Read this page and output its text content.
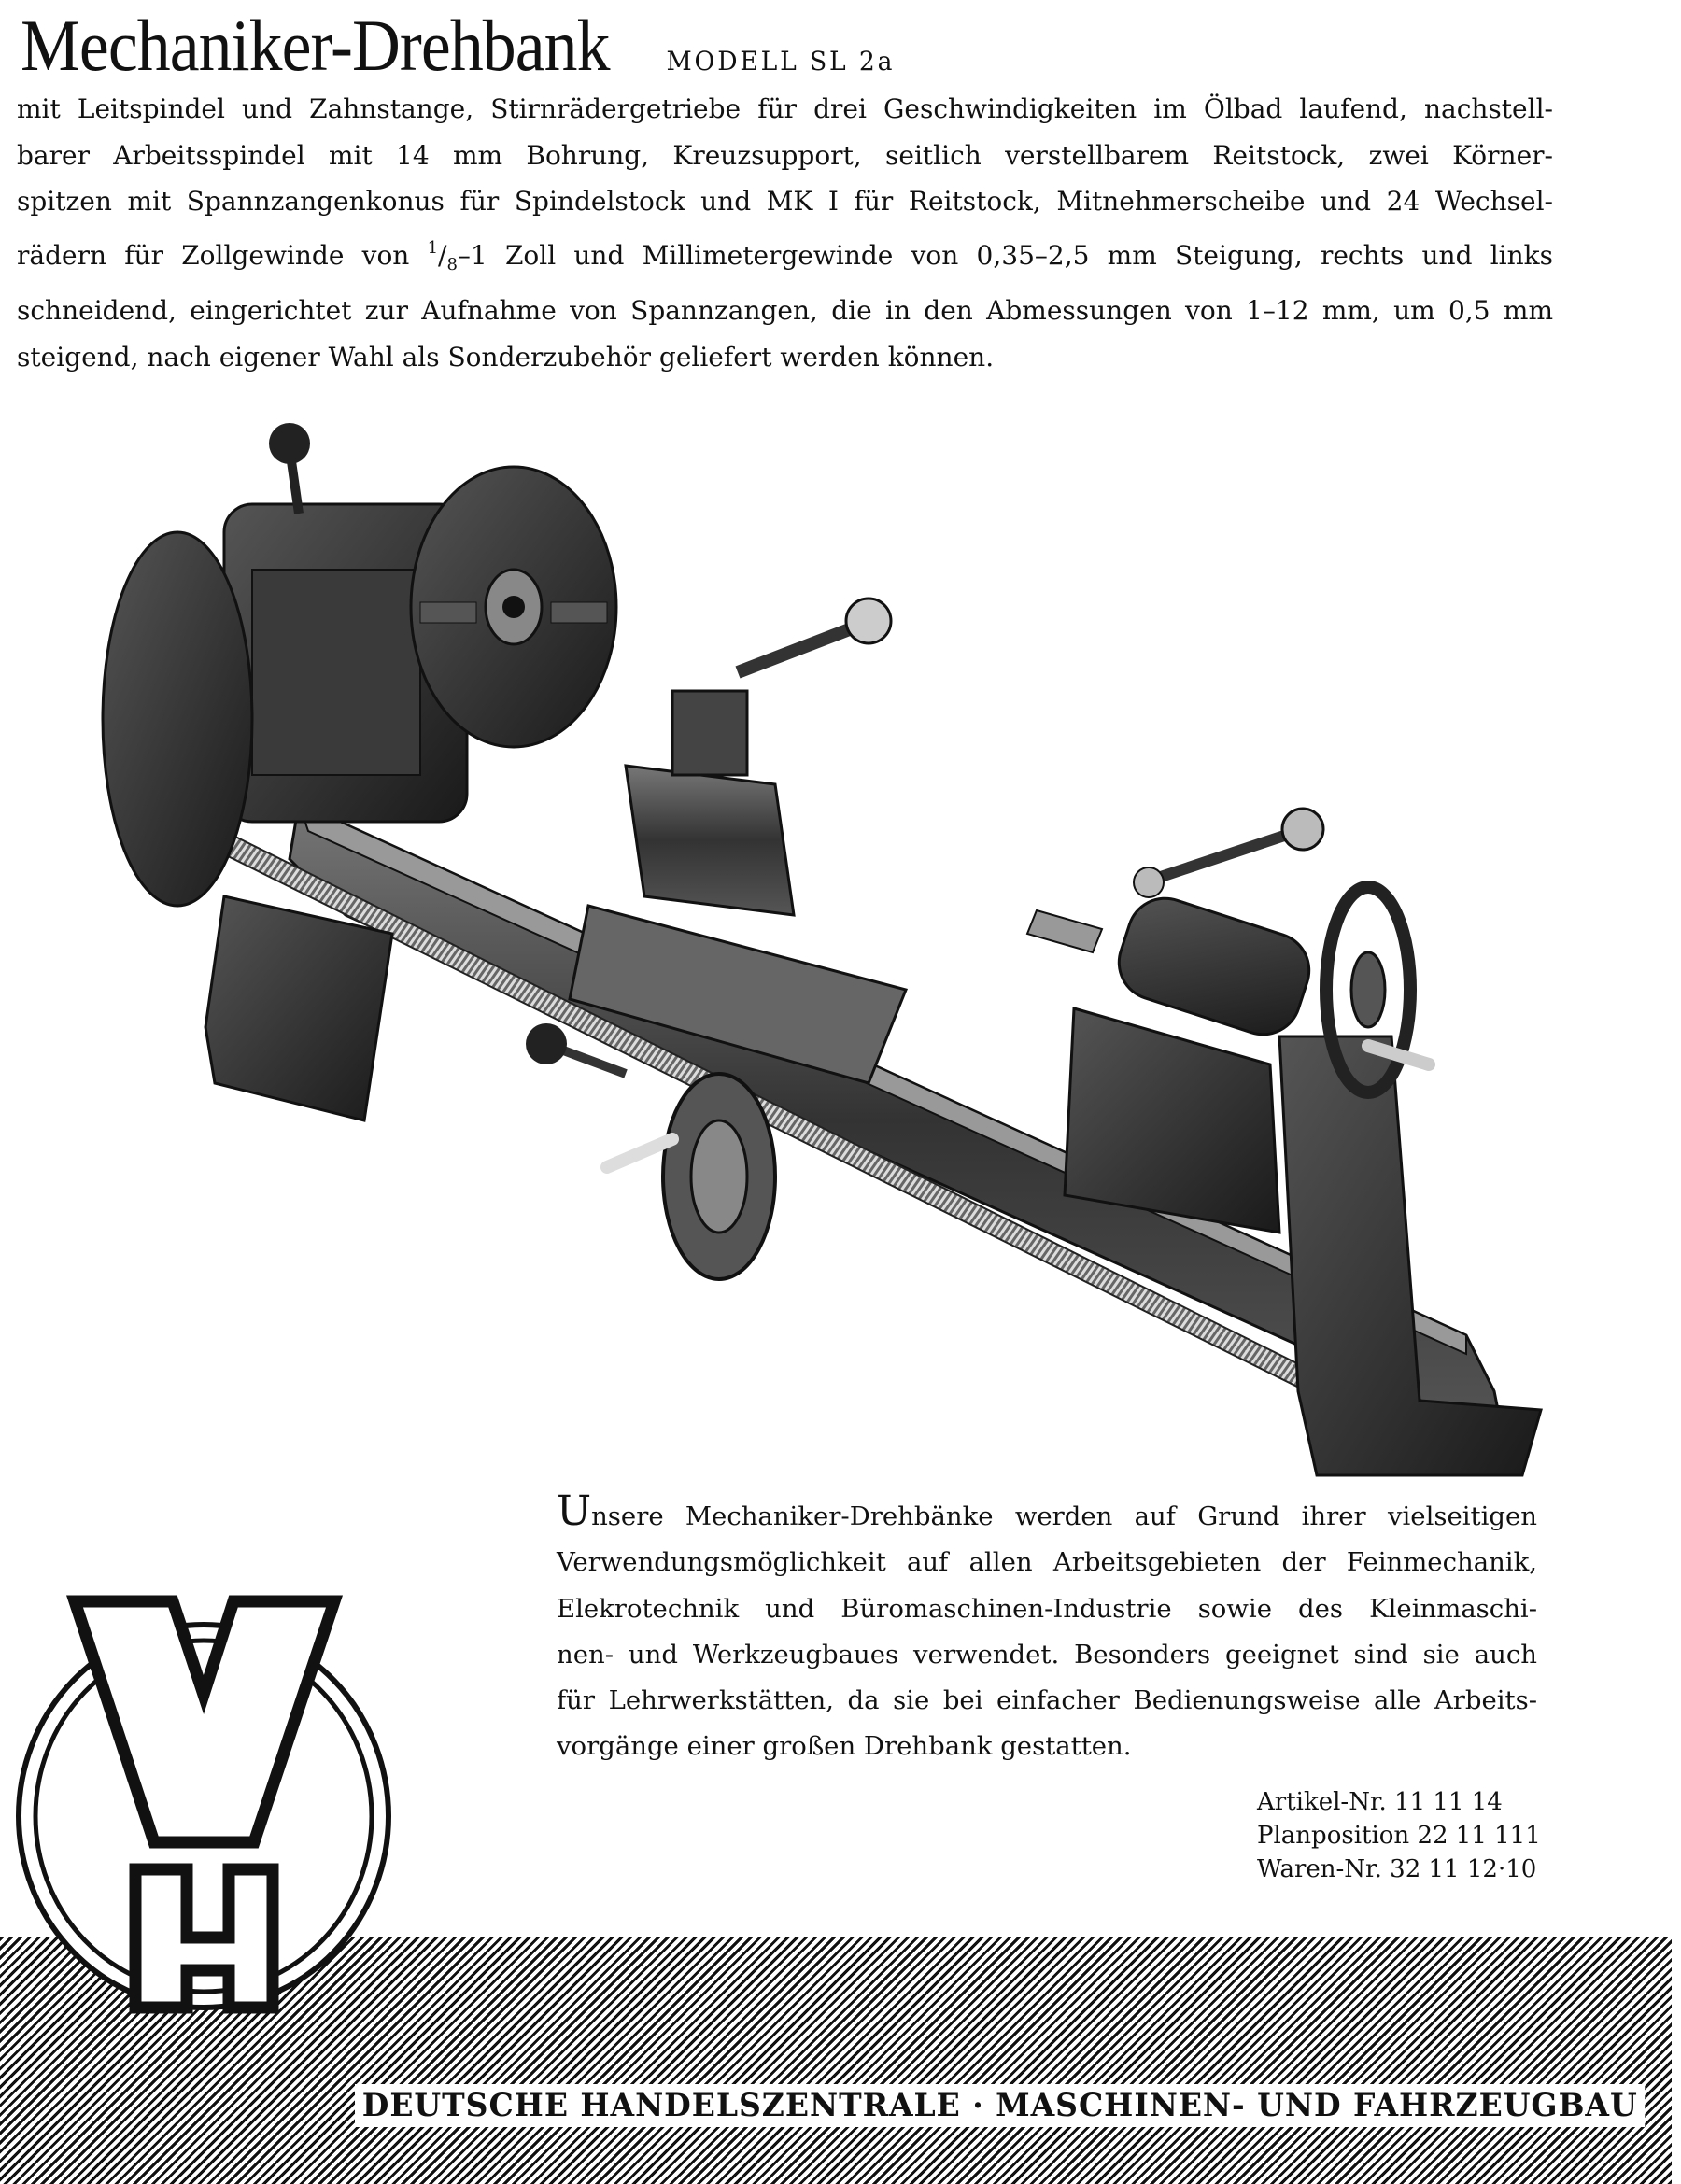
Mechaniker-Drehbank MODELL SL 2a
mit Leitspindel und Zahnstange, Stirnrädergetriebe für drei Geschwindigkeiten im Ölbad laufend, nachstell-
barer Arbeitsspindel mit 14 mm Bohrung, Kreuzsupport, seitlich verstellbarem Reitstock, zwei Körner-
spitzen mit Spannzangenkonus für Spindelstock und MK I für Reitstock, Mitnehmerscheibe und 24 Wechsel-
rädern für Zollgewinde von $^1/_8-1$ Zoll und Millimetergewinde von 0,35–2,5 mm Steigung, rechts und links
schneidend, eingerichtet zur Aufnahme von Spannzangen, die in den Abmessungen von 1–12 mm, um 0,5 mm
steigend, nach eigener Wahl als Sonderzubehör geliefert werden können.
Unsere Mechaniker-Drehbänke werden auf Grund ihrer vielseitigen
Verwendungsmöglichkeit auf allen Arbeitsgebieten der Feinmechanik,
Elekrotechnik und Büromaschinen-Industrie sowie des Kleinmaschi-
nen- und Werkzeugbaues verwendet. Besonders geeignet sind sie auch
für Lehrwerkstätten, da sie bei einfacher Bedienungsweise alle Arbeits-
vorgänge einer großen Drehbank gestatten.
Artikel-Nr. 11 11 14
Planposition 22 11 111
Waren-Nr. 32 11 12·10
DEUTSCHE HANDELSZENTRALE · MASCHINEN- UND FAHRZEUGBAU
